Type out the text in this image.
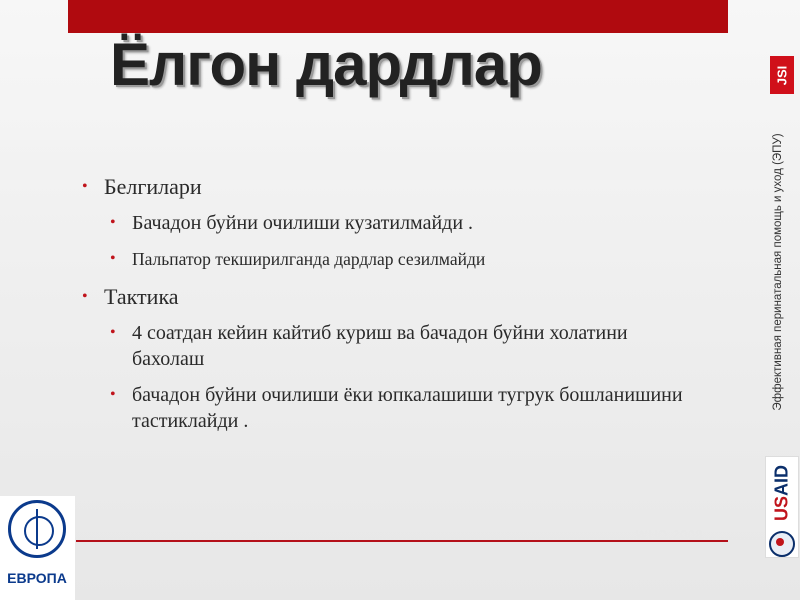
Ёлгон дардлар
• Белгилари
• Бачадон буйни очилиши кузатилмайди .
• Пальпатор текширилганда дардлар сезилмайди
• Тактика
• 4 соатдан кейин кайтиб куриш ва бачадон буйни холатини бахолаш
• бачадон буйни очилиши ёки юпкалашиши тугрук бошланишини тастиклайди .
WHO 2008
JSI
Эффективная перинатальная помощь и уход (ЭПУ)
USAID
ЕВРОПА
